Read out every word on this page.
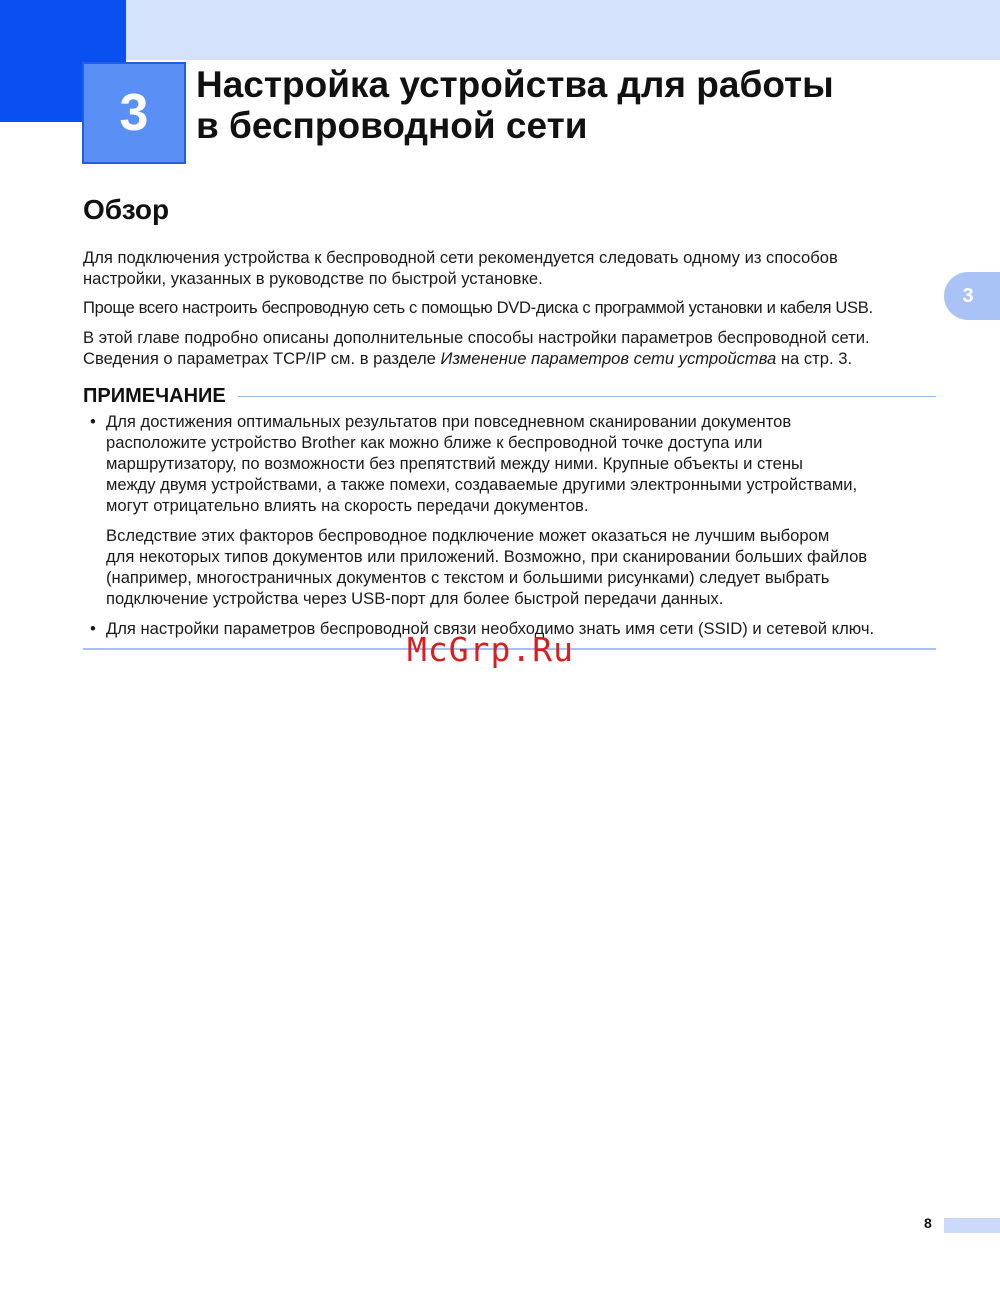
3 Настройка устройства для работы
в беспроводной сети
Обзор

Для подключения устройства к беспроводной сети рекомендуется следовать одному из способов
настройки, указанных в руководстве по быстрой установке.

Проще всего настроить беспроводную сеть с помощью DVD-диска с программой установки и кабеля USB.

В этой главе подробно описаны дополнительные способы настройки параметров беспроводной сети.
Сведения о параметрах TCP/IP см. в разделе Изменение параметров сети устройства на стр. 3.

ПРИМЕЧАНИЕ
• Для достижения оптимальных результатов при повседневном сканировании документов
расположите устройство Brother как можно ближе к беспроводной точке доступа или
маршрутизатору, по возможности без препятствий между ними. Крупные объекты и стены
между двумя устройствами, а также помехи, создаваемые другими электронными устройствами,
могут отрицательно влиять на скорость передачи документов.

Вследствие этих факторов беспроводное подключение может оказаться не лучшим выбором
для некоторых типов документов или приложений. Возможно, при сканировании больших файлов
(например, многостраничных документов с текстом и большими рисунками) следует выбрать
подключение устройства через USB-порт для более быстрой передачи данных.

• Для настройки параметров беспроводной связи необходимо знать имя сети (SSID) и сетевой ключ.

McGrp.Ru
3
8
